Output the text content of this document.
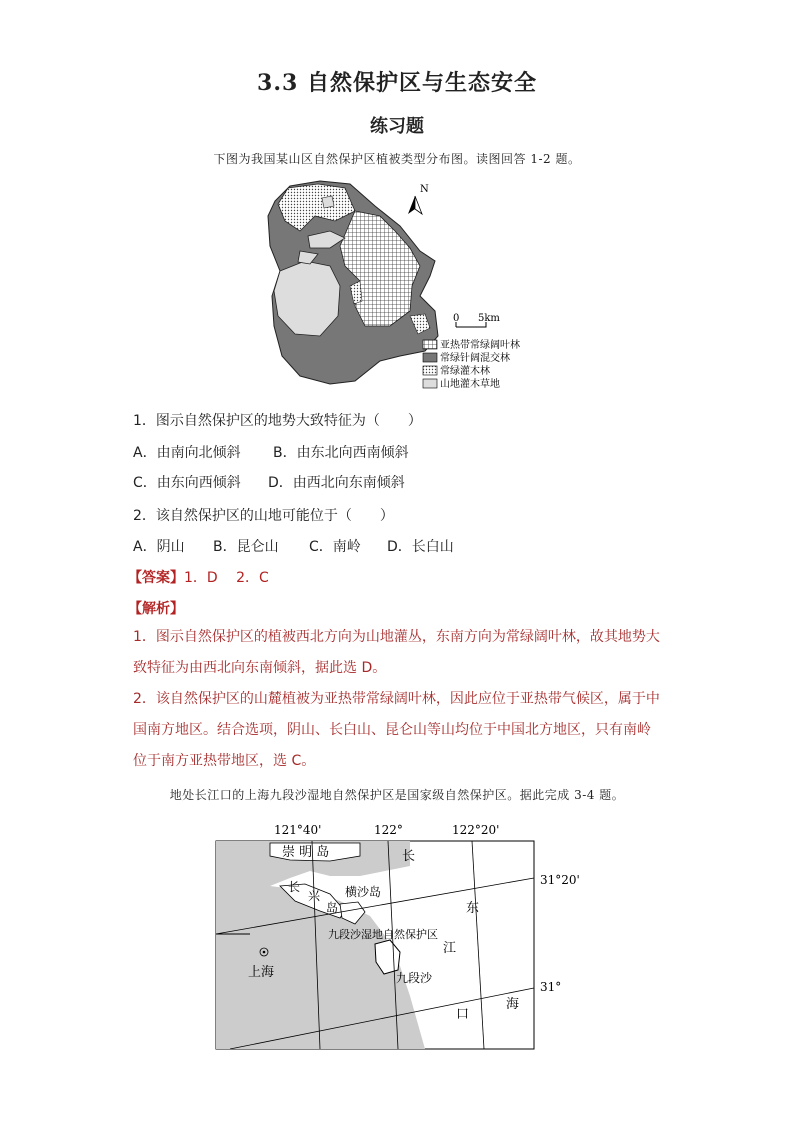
3.3 自然保护区与生态安全
练习题
下图为我国某山区自然保护区植被类型分布图。读图回答 1-2 题。
N
0 5km
亚热带常绿阔叶林
常绿针阔混交林
常绿灌木林
山地灌木草地
1．图示自然保护区的地势大致特征为（　　）
A．由南向北倾斜 B．由东北向西南倾斜
C．由东向西倾斜 D．由西北向东南倾斜
2．该自然保护区的山地可能位于（　　）
A．阴山 B．昆仑山 C．南岭 D．长白山
【答案】1．D　 2．C
【解析】
1．图示自然保护区的植被西北方向为山地灌丛，东南方向为常绿阔叶林，故其地势大致特征为由西北向东南倾斜，据此选 D。
2．该自然保护区的山麓植被为亚热带常绿阔叶林，因此应位于亚热带气候区，属于中国南方地区。结合选项，阴山、长白山、昆仑山等山均位于中国北方地区，只有南岭位于南方亚热带地区，选 C。
地处长江口的上海九段沙湿地自然保护区是国家级自然保护区。据此完成 3-4 题。
121°40'	122°	122°20'
31°20'
31°
崇 明 岛
长
兴
岛
横沙岛
九段沙湿地自然保护区
上海	九段沙
长
东
江
口
海
